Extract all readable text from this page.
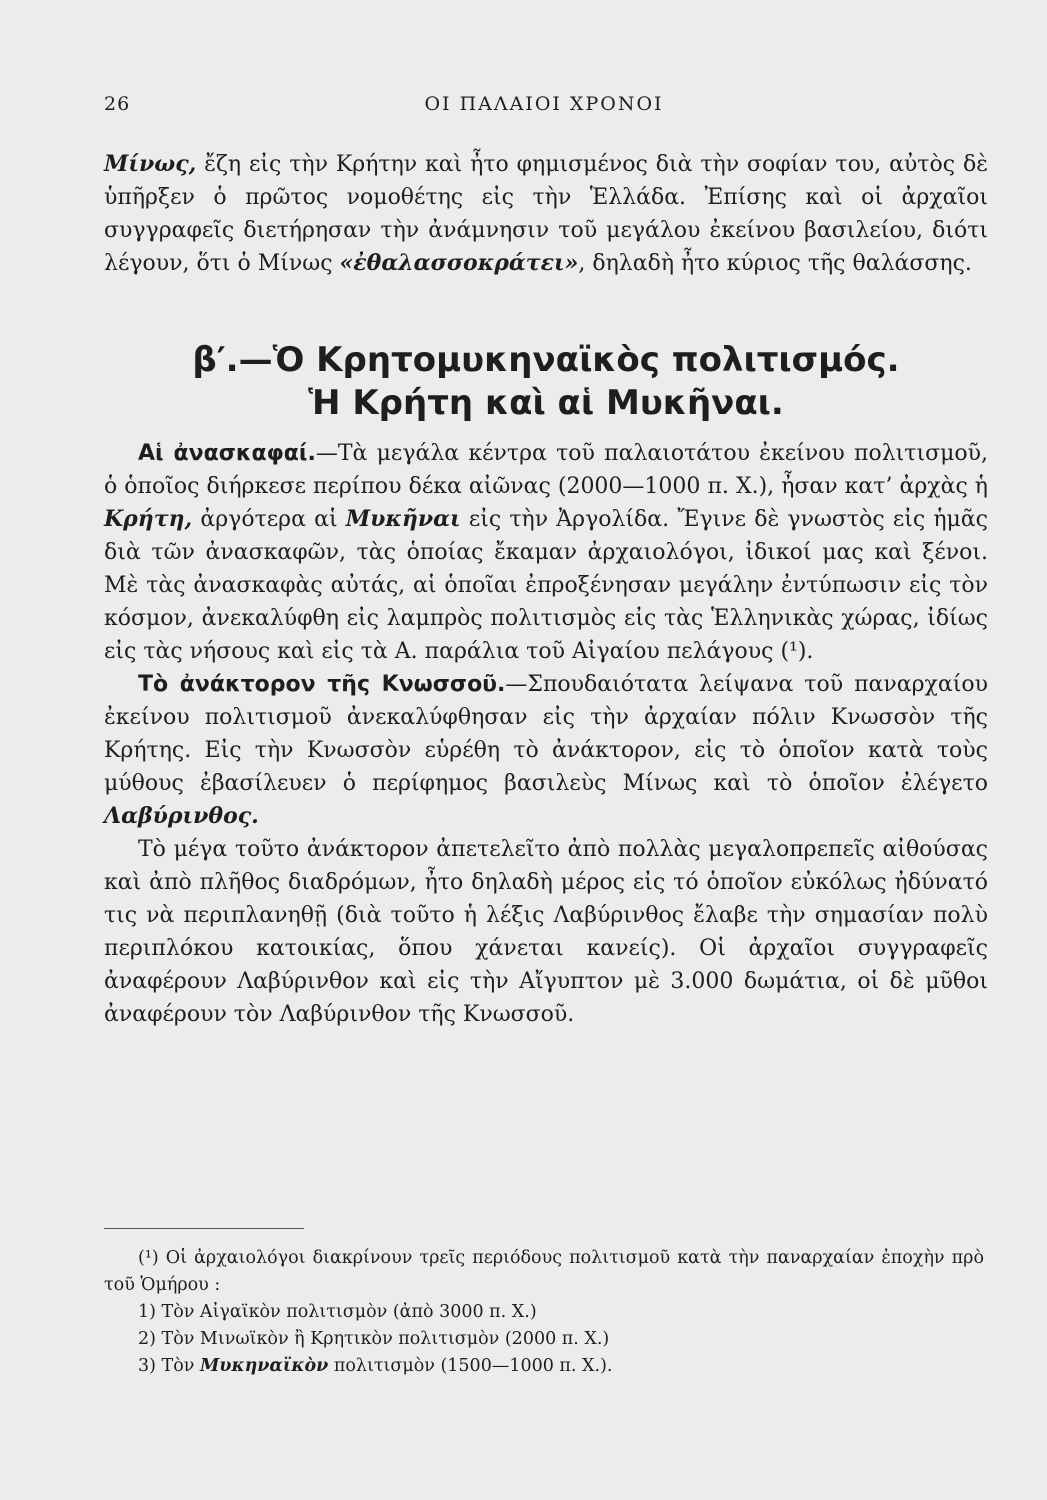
26	ΟΙ ΠΑΛΑΙΟΙ ΧΡΟΝΟΙ

Μίνως, ἔζη εἰς τὴν Κρήτην καὶ ἦτο φημισμένος διὰ τὴν σοφίαν του, αὐτὸς δὲ ὑπῆρξεν ὁ πρῶτος νομοθέτης εἰς τὴν Ἑλλάδα. Ἐπίσης καὶ οἱ ἀρχαῖοι συγγραφεῖς διετήρησαν τὴν ἀνάμνησιν τοῦ μεγάλου ἐκείνου βασιλείου, διότι λέγουν, ὅτι ὁ Μίνως «ἐθαλασσοκράτει», δηλαδὴ ἦτο κύριος τῆς θαλάσσης.

β′.—Ὁ Κρητομυκηναϊκὸς πολιτισμός.
Ἡ Κρήτη καὶ αἱ Μυκῆναι.

Αἱ ἀνασκαφαί.—Τὰ μεγάλα κέντρα τοῦ παλαιοτάτου ἐκείνου πολιτισμοῦ, ὁ ὁποῖος διήρκεσε περίπου δέκα αἰῶνας (2000—1000 π. Χ.), ἦσαν κατ’ ἀρχὰς ἡ Κρήτη, ἀργότερα αἱ Μυκῆναι εἰς τὴν Ἀργολίδα. Ἔγινε δὲ γνωστὸς εἰς ἡμᾶς διὰ τῶν ἀνασκαφῶν, τὰς ὁποίας ἔκαμαν ἀρχαιολόγοι, ἰδικοί μας καὶ ξένοι. Μὲ τὰς ἀνασκαφὰς αὐτάς, αἱ ὁποῖαι ἐπροξένησαν μεγάλην ἐντύπωσιν εἰς τὸν κόσμον, ἀνεκαλύφθη εἰς λαμπρὸς πολιτισμὸς εἰς τὰς Ἑλληνικὰς χώρας, ἰδίως εἰς τὰς νήσους καὶ εἰς τὰ Α. παράλια τοῦ Αἰγαίου πελάγους (¹).

Τὸ ἀνάκτορον τῆς Κνωσσοῦ.—Σπουδαιότατα λείψανα τοῦ παναρχαίου ἐκείνου πολιτισμοῦ ἀνεκαλύφθησαν εἰς τὴν ἀρχαίαν πόλιν Κνωσσὸν τῆς Κρήτης. Εἰς τὴν Κνωσσὸν εὑρέθη τὸ ἀνάκτορον, εἰς τὸ ὁποῖον κατὰ τοὺς μύθους ἐβασίλευεν ὁ περίφημος βασιλεὺς Μίνως καὶ τὸ ὁποῖον ἐλέγετο Λαβύρινθος.

Τὸ μέγα τοῦτο ἀνάκτορον ἀπετελεῖτο ἀπὸ πολλὰς μεγαλοπρεπεῖς αἰθούσας καὶ ἀπὸ πλῆθος διαδρόμων, ἦτο δηλαδὴ μέρος εἰς τό ὁποῖον εὐκόλως ἠδύνατό τις νὰ περιπλανηθῇ (διὰ τοῦτο ἡ λέξις Λαβύρινθος ἔλαβε τὴν σημασίαν πολὺ περιπλόκου κατοικίας, ὅπου χάνεται κανείς). Οἱ ἀρχαῖοι συγγραφεῖς ἀναφέρουν Λαβύρινθον καὶ εἰς τὴν Αἴγυπτον μὲ 3.000 δωμάτια, οἱ δὲ μῦθοι ἀναφέρουν τὸν Λαβύρινθον τῆς Κνωσσοῦ.

(¹) Οἱ ἀρχαιολόγοι διακρίνουν τρεῖς περιόδους πολιτισμοῦ κατὰ τὴν παναρχαίαν ἐποχὴν πρὸ τοῦ Ὁμήρου :

1) Τὸν Αἰγαϊκὸν πολιτισμὸν (ἀπὸ 3000 π. Χ.)

2) Τὸν Μινωϊκὸν ἢ Κρητικὸν πολιτισμὸν (2000 π. Χ.)

3) Τὸν Μυκηναϊκὸν πολιτισμὸν (1500—1000 π. Χ.).
